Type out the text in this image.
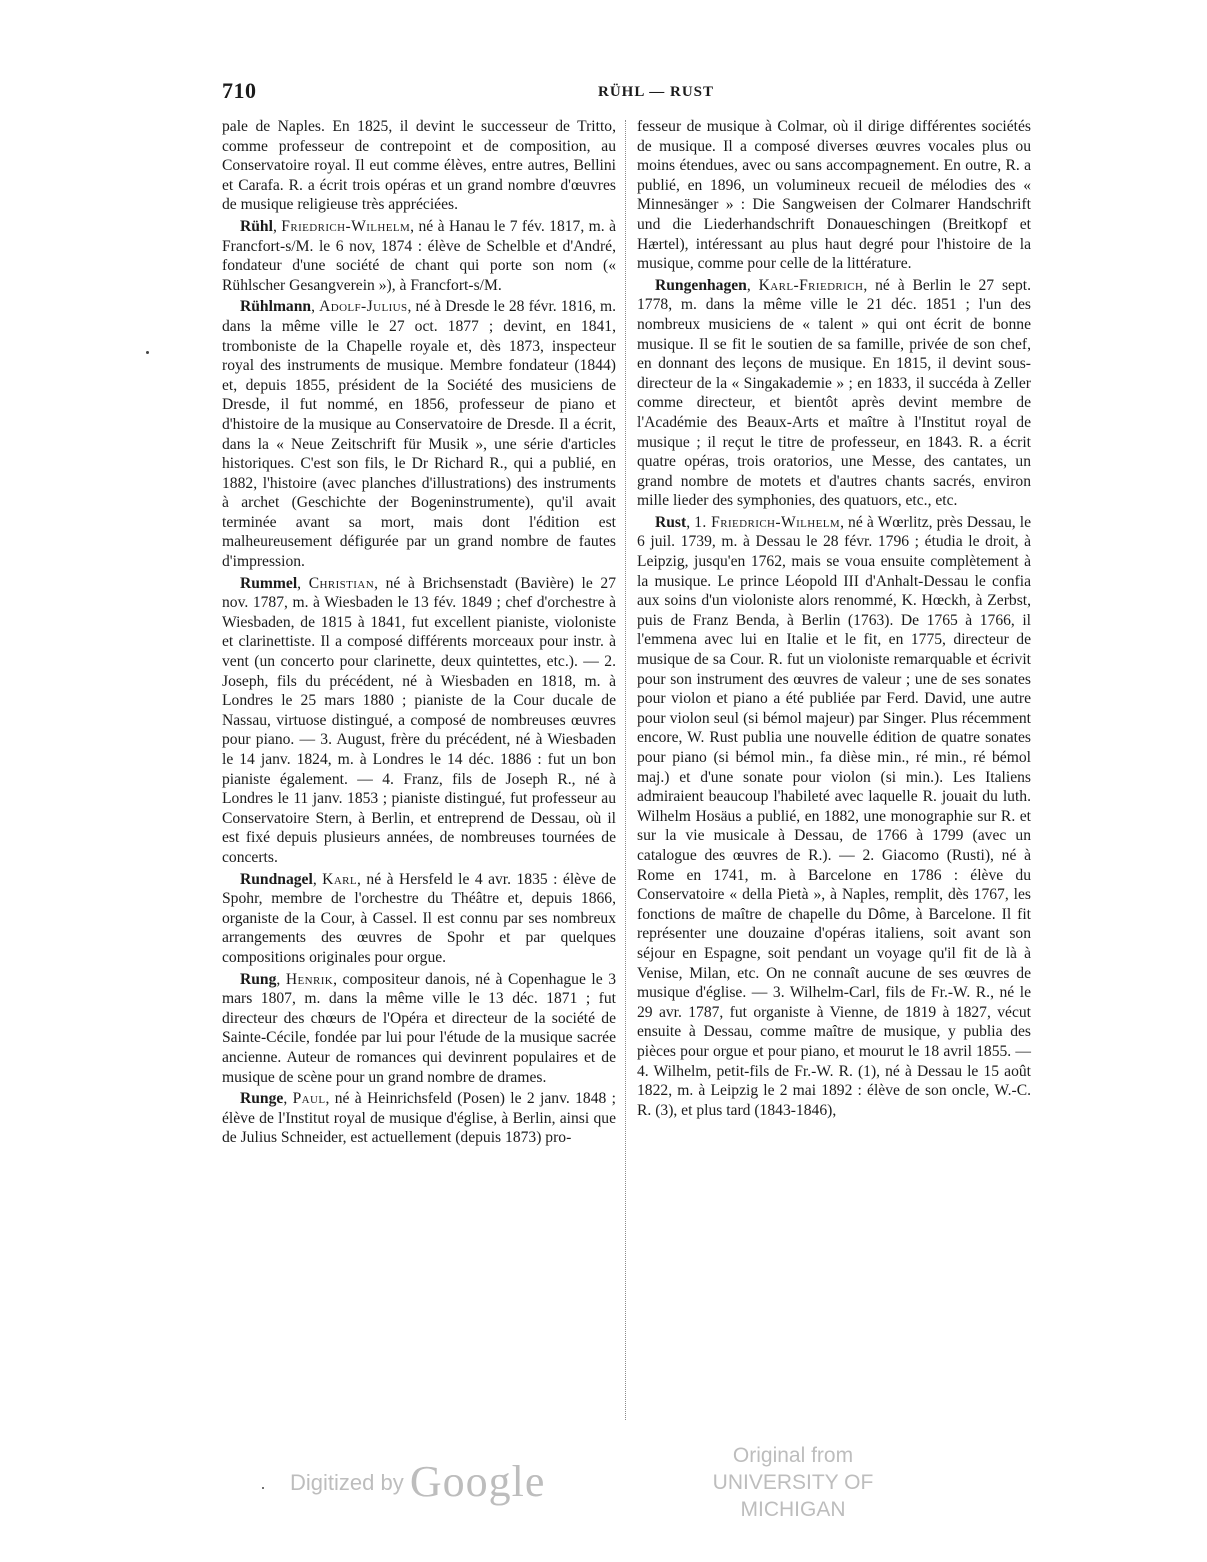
710	RÜHL — RUST

pale de Naples. En 1825, il devint le successeur de Tritto, comme professeur de contrepoint et de composition, au Conservatoire royal. Il eut comme élèves, entre autres, Bellini et Carafa. R. a écrit trois opéras et un grand nombre d'œuvres de musique religieuse très appréciées.

Rühl, Friedrich-Wilhelm, né à Hanau le 7 fév. 1817, m. à Francfort-s/M. le 6 nov, 1874 : élève de Schelble et d'André, fondateur d'une société de chant qui porte son nom (« Rühlscher Gesangverein »), à Francfort-s/M.

Rühlmann, Adolf-Julius, né à Dresde le 28 févr. 1816, m. dans la même ville le 27 oct. 1877 ; devint, en 1841, tromboniste de la Chapelle royale et, dès 1873, inspecteur royal des instruments de musique. Membre fondateur (1844) et, depuis 1855, président de la Société des musiciens de Dresde, il fut nommé, en 1856, professeur de piano et d'histoire de la musique au Conservatoire de Dresde. Il a écrit, dans la « Neue Zeitschrift für Musik », une série d'articles historiques. C'est son fils, le Dr Richard R., qui a publié, en 1882, l'histoire (avec planches d'illustrations) des instruments à archet (Geschichte der Bogeninstrumente), qu'il avait terminée avant sa mort, mais dont l'édition est malheureusement défigurée par un grand nombre de fautes d'impression.

Rummel, Christian, né à Brichsenstadt (Bavière) le 27 nov. 1787, m. à Wiesbaden le 13 fév. 1849 ; chef d'orchestre à Wiesbaden, de 1815 à 1841, fut excellent pianiste, violoniste et clarinettiste. Il a composé différents morceaux pour instr. à vent (un concerto pour clarinette, deux quintettes, etc.). — 2. Joseph, fils du précédent, né à Wiesbaden en 1818, m. à Londres le 25 mars 1880 ; pianiste de la Cour ducale de Nassau, virtuose distingué, a composé de nombreuses œuvres pour piano. — 3. August, frère du précédent, né à Wiesbaden le 14 janv. 1824, m. à Londres le 14 déc. 1886 : fut un bon pianiste également. — 4. Franz, fils de Joseph R., né à Londres le 11 janv. 1853 ; pianiste distingué, fut professeur au Conservatoire Stern, à Berlin, et entreprend de Dessau, où il est fixé depuis plusieurs années, de nombreuses tournées de concerts.

Rundnagel, Karl, né à Hersfeld le 4 avr. 1835 : élève de Spohr, membre de l'orchestre du Théâtre et, depuis 1866, organiste de la Cour, à Cassel. Il est connu par ses nombreux arrangements des œuvres de Spohr et par quelques compositions originales pour orgue.

Rung, Henrik, compositeur danois, né à Copenhague le 3 mars 1807, m. dans la même ville le 13 déc. 1871 ; fut directeur des chœurs de l'Opéra et directeur de la société de Sainte-Cécile, fondée par lui pour l'étude de la musique sacrée ancienne. Auteur de romances qui devinrent populaires et de musique de scène pour un grand nombre de drames.

Runge, Paul, né à Heinrichsfeld (Posen) le 2 janv. 1848 ; élève de l'Institut royal de musique d'église, à Berlin, ainsi que de Julius Schneider, est actuellement (depuis 1873) pro-

fesseur de musique à Colmar, où il dirige différentes sociétés de musique. Il a composé diverses œuvres vocales plus ou moins étendues, avec ou sans accompagnement. En outre, R. a publié, en 1896, un volumineux recueil de mélodies des « Minnesänger » : Die Sangweisen der Colmarer Handschrift und die Liederhandschrift Donaueschingen (Breitkopf et Hærtel), intéressant au plus haut degré pour l'histoire de la musique, comme pour celle de la littérature.

Rungenhagen, Karl-Friedrich, né à Berlin le 27 sept. 1778, m. dans la même ville le 21 déc. 1851 ; l'un des nombreux musiciens de « talent » qui ont écrit de bonne musique. Il se fit le soutien de sa famille, privée de son chef, en donnant des leçons de musique. En 1815, il devint sous-directeur de la « Singakademie » ; en 1833, il succéda à Zeller comme directeur, et bientôt après devint membre de l'Académie des Beaux-Arts et maître à l'Institut royal de musique ; il reçut le titre de professeur, en 1843. R. a écrit quatre opéras, trois oratorios, une Messe, des cantates, un grand nombre de motets et d'autres chants sacrés, environ mille lieder des symphonies, des quatuors, etc., etc.

Rust, 1. Friedrich-Wilhelm, né à Wœrlitz, près Dessau, le 6 juil. 1739, m. à Dessau le 28 févr. 1796 ; étudia le droit, à Leipzig, jusqu'en 1762, mais se voua ensuite complètement à la musique. Le prince Léopold III d'Anhalt-Dessau le confia aux soins d'un violoniste alors renommé, K. Hœckh, à Zerbst, puis de Franz Benda, à Berlin (1763). De 1765 à 1766, il l'emmena avec lui en Italie et le fit, en 1775, directeur de musique de sa Cour. R. fut un violoniste remarquable et écrivit pour son instrument des œuvres de valeur ; une de ses sonates pour violon et piano a été publiée par Ferd. David, une autre pour violon seul (si bémol majeur) par Singer. Plus récemment encore, W. Rust publia une nouvelle édition de quatre sonates pour piano (si bémol min., fa dièse min., ré min., ré bémol maj.) et d'une sonate pour violon (si min.). Les Italiens admiraient beaucoup l'habileté avec laquelle R. jouait du luth. Wilhelm Hosäus a publié, en 1882, une monographie sur R. et sur la vie musicale à Dessau, de 1766 à 1799 (avec un catalogue des œuvres de R.). — 2. Giacomo (Rusti), né à Rome en 1741, m. à Barcelone en 1786 : élève du Conservatoire « della Pietà », à Naples, remplit, dès 1767, les fonctions de maître de chapelle du Dôme, à Barcelone. Il fit représenter une douzaine d'opéras italiens, soit avant son séjour en Espagne, soit pendant un voyage qu'il fit de là à Venise, Milan, etc. On ne connaît aucune de ses œuvres de musique d'église. — 3. Wilhelm-Carl, fils de Fr.-W. R., né le 29 avr. 1787, fut organiste à Vienne, de 1819 à 1827, vécut ensuite à Dessau, comme maître de musique, y publia des pièces pour orgue et pour piano, et mourut le 18 avril 1855. — 4. Wilhelm, petit-fils de Fr.-W. R. (1), né à Dessau le 15 août 1822, m. à Leipzig le 2 mai 1892 : élève de son oncle, W.-C. R. (3), et plus tard (1843-1846),

Digitized by Google
Original from
UNIVERSITY OF MICHIGAN
